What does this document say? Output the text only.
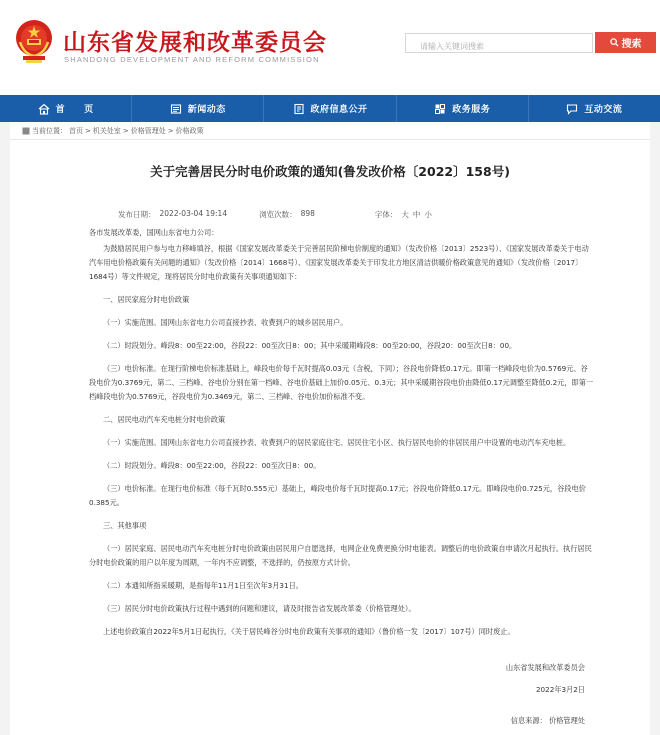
山东省发展和改革委员会
SHANDONG DEVELOPMENT AND REFORM COMMISSION
请输入关键词搜索
搜索
首　　页	新闻动态	政府信息公开	政务服务	互动交流
当前位置： 首页 > 机关处室 > 价格管理处 > 价格政策
关于完善居民分时电价政策的通知(鲁发改价格〔2022〕158号)
发布日期： 2022-03-04 19:14	浏览次数： 898	字体： 大 中 小

各市发展改革委，国网山东省电力公司：

为鼓励居民用户参与电力移峰填谷，根据《国家发展改革委关于完善居民阶梯电价制度的通知》（发改价格〔2013〕2523号）、《国家发展改革委关于电动汽车用电价格政策有关问题的通知》（发改价格〔2014〕1668号）、《国家发展改革委关于印发北方地区清洁供暖价格政策意见的通知》（发改价格〔2017〕1684号）等文件规定，现将居民分时电价政策有关事项通知如下：

一、居民家庭分时电价政策

（一）实施范围。国网山东省电力公司直接抄表、收费到户的城乡居民用户。

（二）时段划分。峰段8：00至22:00，谷段22：00至次日8：00；其中采暖期峰段8：00至20:00，谷段20：00至次日8：00。

（三）电价标准。在现行阶梯电价标准基础上，峰段电价每千瓦时提高0.03元（含税，下同）；谷段电价降低0.17元。即第一档峰段电价为0.5769元、谷段电价为0.3769元，第二、三档峰、谷电价分别在第一档峰、谷电价基础上加价0.05元、0.3元；其中采暖期谷段电价由降低0.17元调整至降低0.2元，即第一档峰段电价为0.5769元，谷段电价为0.3469元，第二、三档峰、谷电价加价标准不变。

二、居民电动汽车充电桩分时电价政策

（一）实施范围。国网山东省电力公司直接抄表、收费到户的居民家庭住宅、居民住宅小区、执行居民电价的非居民用户中设置的电动汽车充电桩。

（二）时段划分。峰段8：00至22:00，谷段22：00至次日8：00。

（三）电价标准。在现行电价标准（每千瓦时0.555元）基础上，峰段电价每千瓦时提高0.17元；谷段电价降低0.17元。即峰段电价0.725元，谷段电价0.385元。

三、其他事项

（一）居民家庭、居民电动汽车充电桩分时电价政策由居民用户自愿选择，电网企业免费更换分时电能表。调整后的电价政策自申请次月起执行。执行居民分时电价政策的用户以年度为周期，一年内不应调整，不选择的，仍按原方式计价。

（二）本通知所指采暖期，是指每年11月1日至次年3月31日。

（三）居民分时电价政策执行过程中遇到的问题和建议，请及时报告省发展改革委（价格管理处）。

上述电价政策自2022年5月1日起执行，《关于居民峰谷分时电价政策有关事项的通知》（鲁价格一发〔2017〕107号）同时废止。

山东省发展和改革委员会
2022年3月2日
信息来源： 价格管理处
